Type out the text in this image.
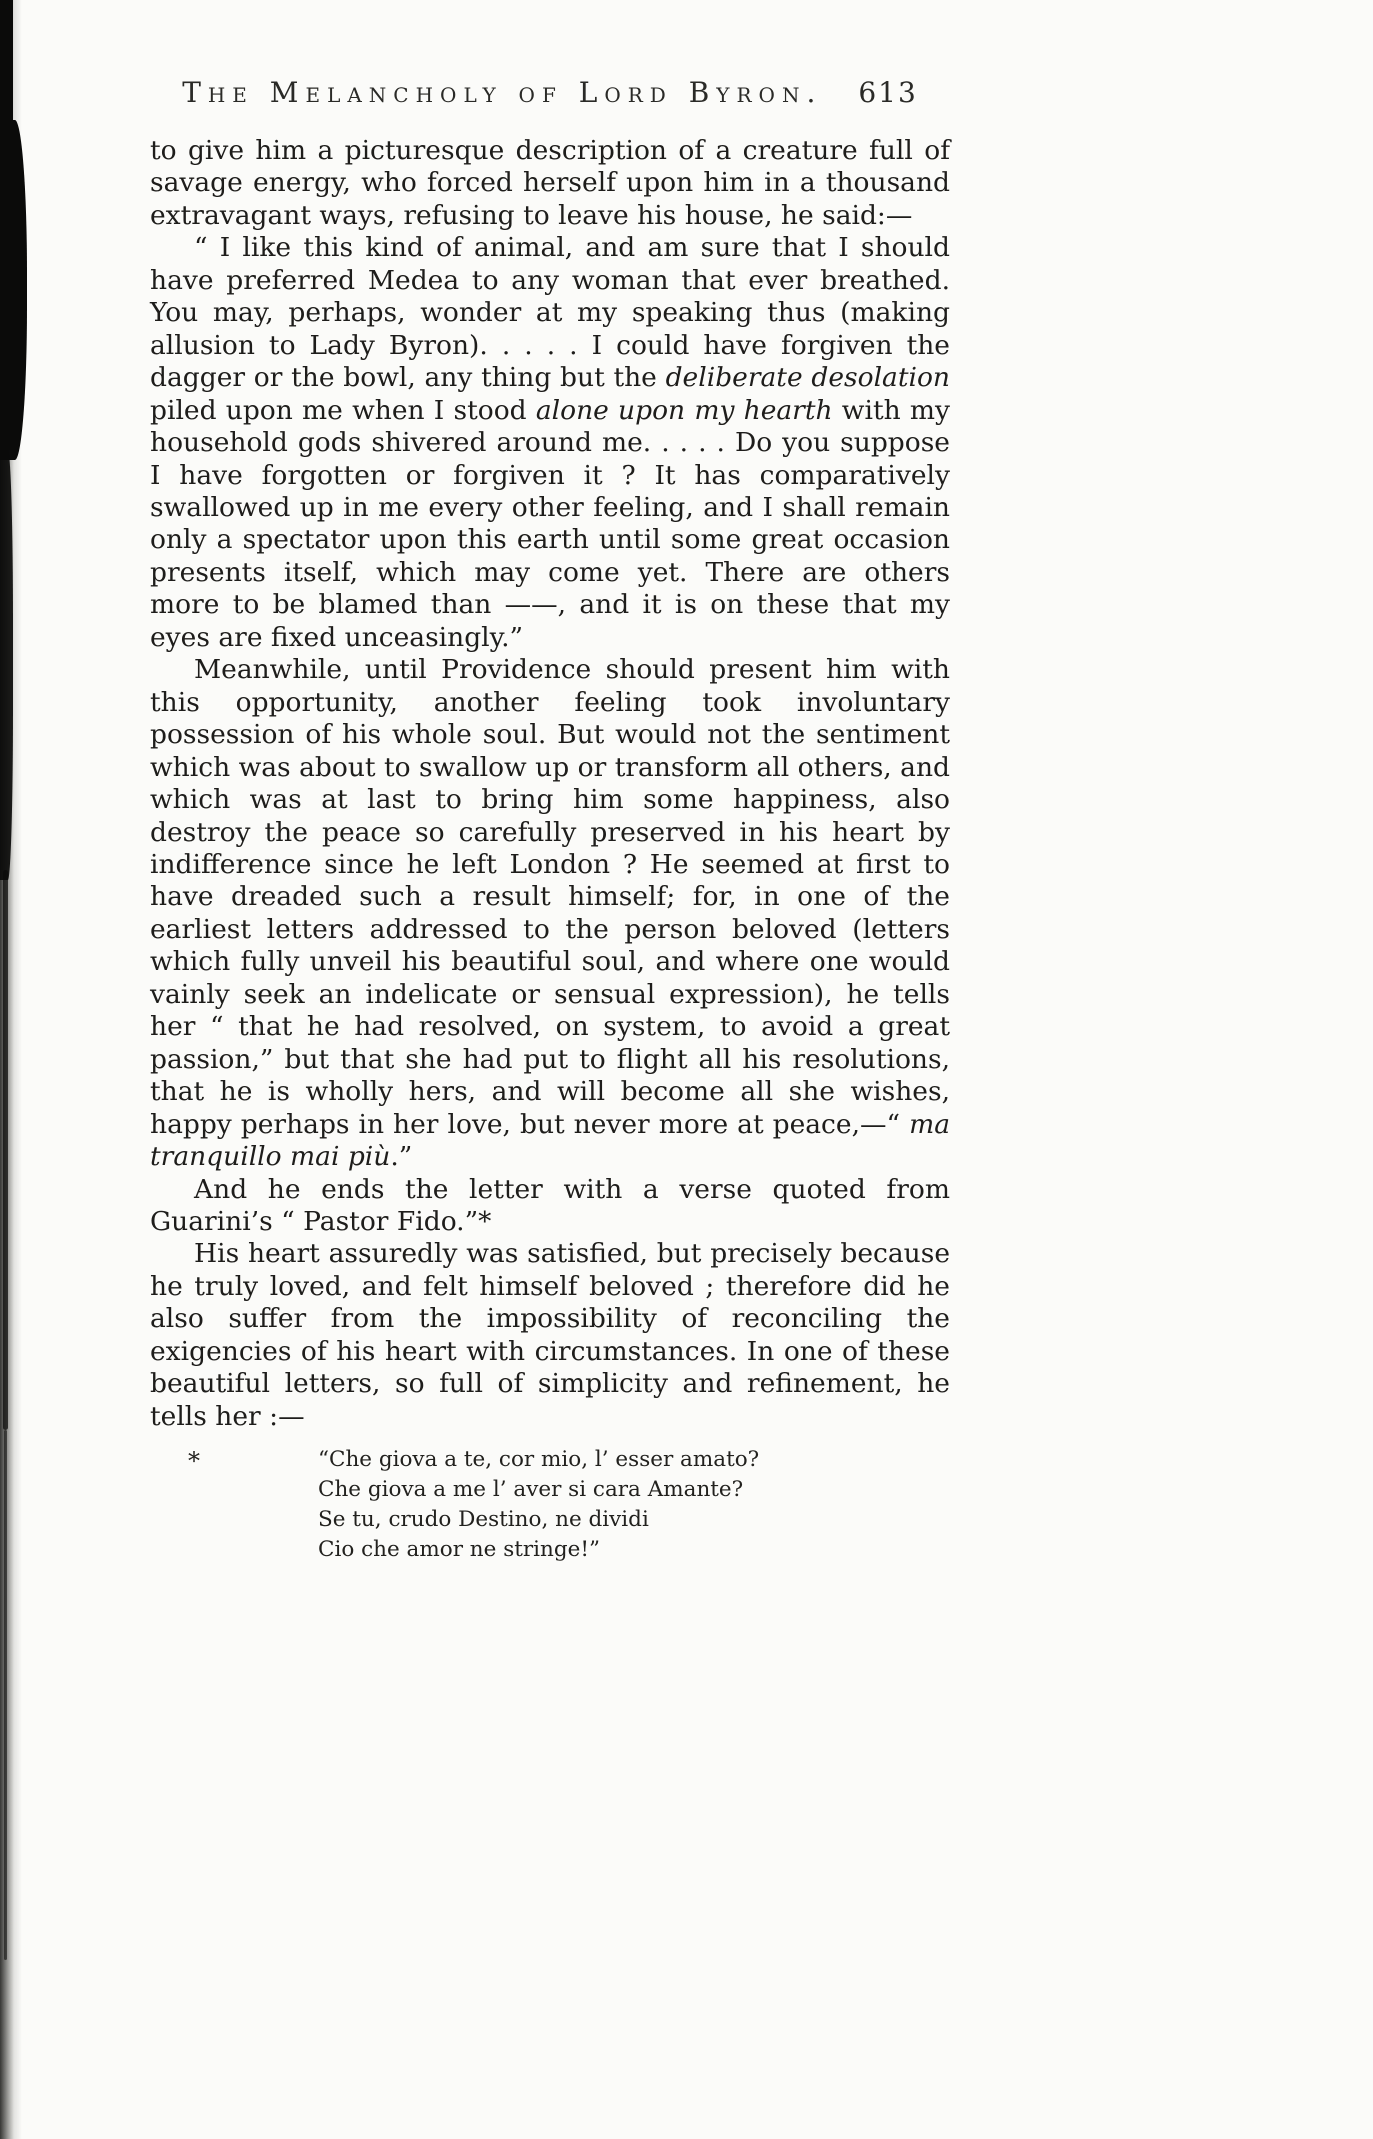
The Melancholy of Lord Byron. 613

to give him a picturesque description of a creature full of savage energy, who forced herself upon him in a thousand extravagant ways, refusing to leave his house, he said:—

“ I like this kind of animal, and am sure that I should have preferred Medea to any woman that ever breathed. You may, perhaps, wonder at my speaking thus (making allusion to Lady Byron). . . . . I could have forgiven the dagger or the bowl, any thing but the deliberate desolation piled upon me when I stood alone upon my hearth with my household gods shivered around me. . . . . Do you suppose I have forgotten or forgiven it ? It has comparatively swallowed up in me every other feeling, and I shall remain only a spectator upon this earth until some great occasion presents itself, which may come yet. There are others more to be blamed than ——, and it is on these that my eyes are fixed unceasingly.”

Meanwhile, until Providence should present him with this opportunity, another feeling took involuntary possession of his whole soul. But would not the sentiment which was about to swallow up or transform all others, and which was at last to bring him some happiness, also destroy the peace so carefully preserved in his heart by indifference since he left London ? He seemed at first to have dreaded such a result himself; for, in one of the earliest letters addressed to the person beloved (letters which fully unveil his beautiful soul, and where one would vainly seek an indelicate or sensual expression), he tells her “ that he had resolved, on system, to avoid a great passion,” but that she had put to flight all his resolutions, that he is wholly hers, and will become all she wishes, happy perhaps in her love, but never more at peace,—“ ma tranquillo mai più.”

And he ends the letter with a verse quoted from Guarini’s “ Pastor Fido.”*

His heart assuredly was satisfied, but precisely because he truly loved, and felt himself beloved ; therefore did he also suffer from the impossibility of reconciling the exigencies of his heart with circumstances. In one of these beautiful letters, so full of simplicity and refinement, he tells her :—

*	“Che giova a te, cor mio, l’ esser amato?
Che giova a me l’ aver si cara Amante?
Se tu, crudo Destino, ne dividi
Cio che amor ne stringe!”
